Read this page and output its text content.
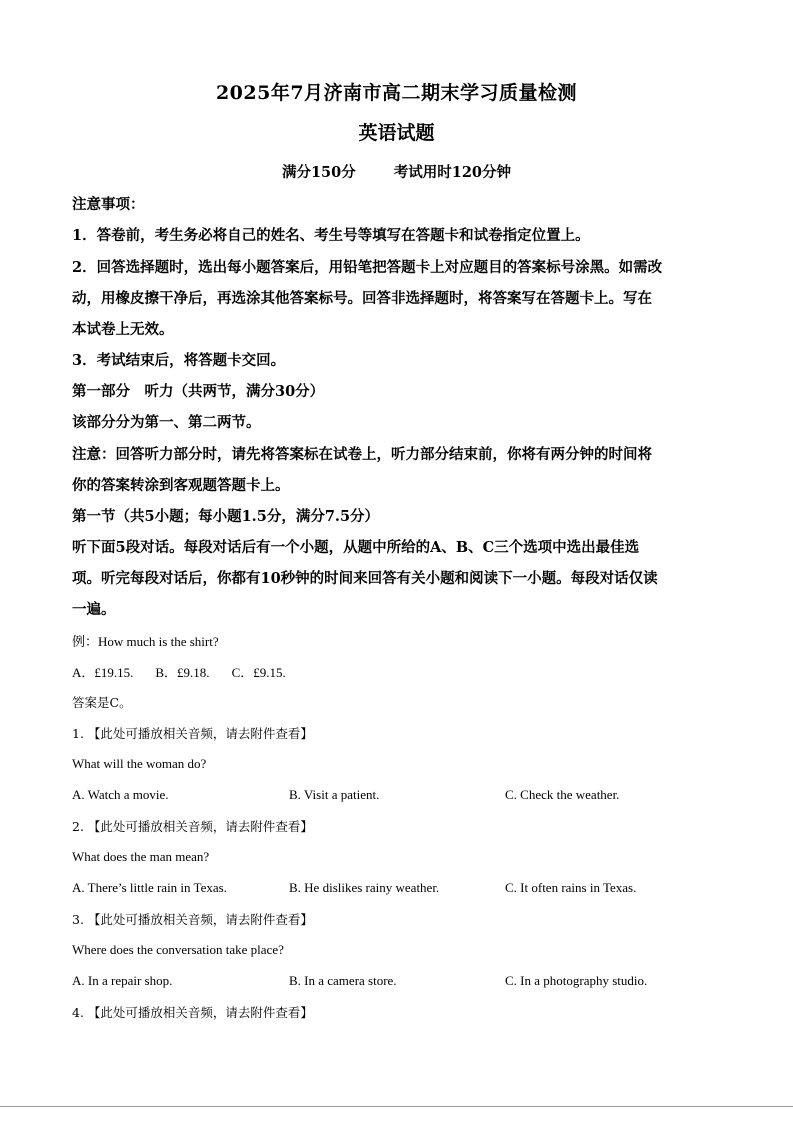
2025年7月济南市高二期末学习质量检测
英语试题
满分150分	考试用时120分钟
注意事项：
1．答卷前，考生务必将自己的姓名、考生号等填写在答题卡和试卷指定位置上。
2．回答选择题时，选出每小题答案后，用铅笔把答题卡上对应题目的答案标号涂黑。如需改
动，用橡皮擦干净后，再选涂其他答案标号。回答非选择题时，将答案写在答题卡上。写在
本试卷上无效。
3．考试结束后，将答题卡交回。
第一部分　听力（共两节，满分30分）
该部分分为第一、第二两节。
注意：回答听力部分时，请先将答案标在试卷上，听力部分结束前，你将有两分钟的时间将
你的答案转涂到客观题答题卡上。
第一节（共5小题；每小题1.5分，满分7.5分）
听下面5段对话。每段对话后有一个小题，从题中所给的A、B、C三个选项中选出最佳选
项。听完每段对话后，你都有10秒钟的时间来回答有关小题和阅读下一小题。每段对话仅读
一遍。
例：How much is the shirt?
A．£19.15. B．£9.18. C．£9.15.
答案是C。
1. 【此处可播放相关音频，请去附件查看】
What will the woman do?
A. Watch a movie.	B. Visit a patient.	C. Check the weather.
2. 【此处可播放相关音频，请去附件查看】
What does the man mean?
A. There’s little rain in Texas.	B. He dislikes rainy weather.	C. It often rains in Texas.
3. 【此处可播放相关音频，请去附件查看】
Where does the conversation take place?
A. In a repair shop.	B. In a camera store.	C. In a photography studio.
4. 【此处可播放相关音频，请去附件查看】
